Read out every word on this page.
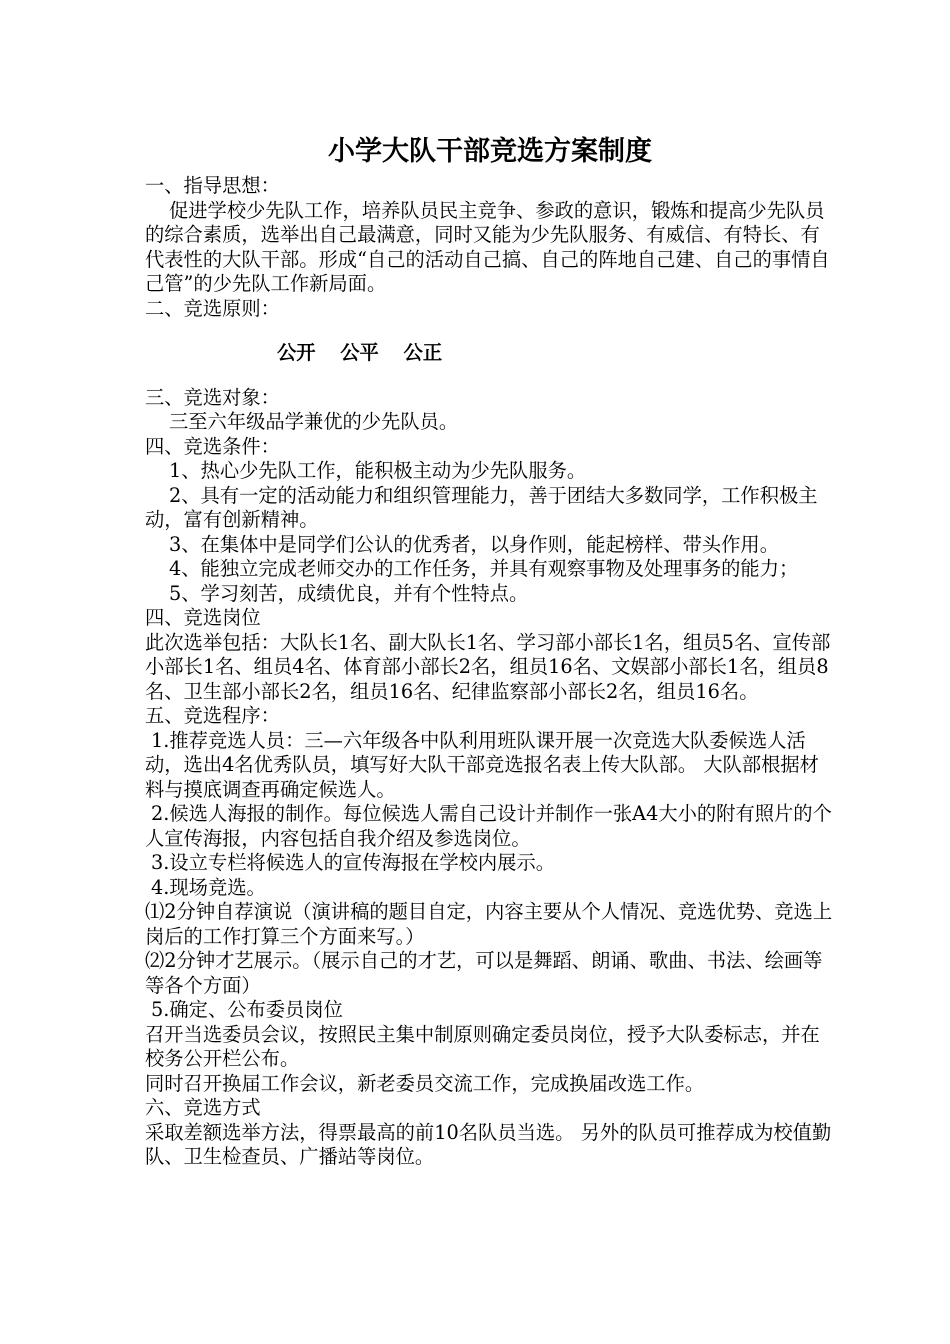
小学大队干部竞选方案制度

一、指导思想：

促进学校少先队工作，培养队员民主竞争、参政的意识，锻炼和提高少先队员的综合素质，选举出自己最满意，同时又能为少先队服务、有威信、有特长、有代表性的大队干部。形成“自己的活动自己搞、自己的阵地自己建、自己的事情自己管”的少先队工作新局面。

二、竞选原则：

公开 公平 公正

三、竞选对象：

三至六年级品学兼优的少先队员。

四、竞选条件：

1、热心少先队工作，能积极主动为少先队服务。

2、具有一定的活动能力和组织管理能力，善于团结大多数同学，工作积极主动，富有创新精神。

3、在集体中是同学们公认的优秀者，以身作则，能起榜样、带头作用。

4、能独立完成老师交办的工作任务，并具有观察事物及处理事务的能力；

5、学习刻苦，成绩优良，并有个性特点。

四、竞选岗位

此次选举包括：大队长1名、副大队长1名、学习部小部长1名，组员5名、宣传部小部长1名、组员4名、体育部小部长2名，组员16名、文娱部小部长1名，组员8名、卫生部小部长2名，组员16名、纪律监察部小部长2名，组员16名。

五、竞选程序：

1.推荐竞选人员：三—六年级各中队利用班队课开展一次竞选大队委候选人活动，选出4名优秀队员，填写好大队干部竞选报名表上传大队部。 大队部根据材料与摸底调查再确定候选人。

2.候选人海报的制作。每位候选人需自己设计并制作一张A4大小的附有照片的个人宣传海报，内容包括自我介绍及参选岗位。

3.设立专栏将候选人的宣传海报在学校内展示。

4.现场竞选。

⑴2分钟自荐演说（演讲稿的题目自定，内容主要从个人情况、竞选优势、竞选上岗后的工作打算三个方面来写。）

⑵2分钟才艺展示。（展示自己的才艺，可以是舞蹈、朗诵、歌曲、书法、绘画等等各个方面）

5.确定、公布委员岗位

召开当选委员会议，按照民主集中制原则确定委员岗位，授予大队委标志，并在校务公开栏公布。

同时召开换届工作会议，新老委员交流工作，完成换届改选工作。

六、竞选方式

采取差额选举方法，得票最高的前10名队员当选。 另外的队员可推荐成为校值勤队、卫生检查员、广播站等岗位。
